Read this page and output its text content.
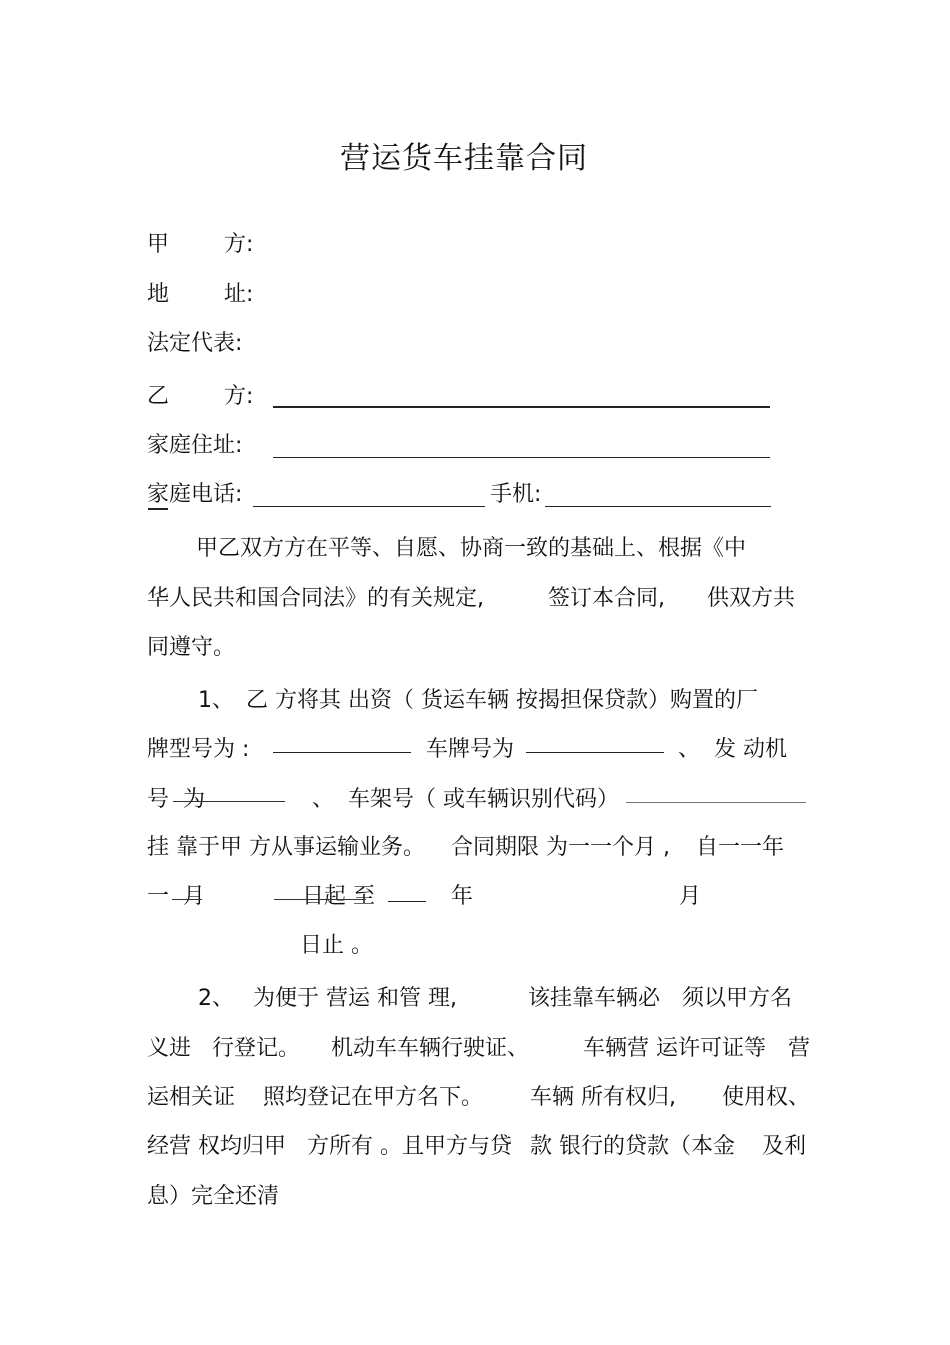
营运货车挂靠合同
甲 方:
地 址:
法定代表:
乙 方:
家庭住址:
家庭电话:	手机:
甲乙双方方在平等、自愿、协商一致的基础上、根据《中
华人民共和国合同法》的有关规定,	签订本合同, 供双方共
同遵守。
1、 乙 方将其 出资（ 货运车辆 按揭担保贷款）购置的厂
牌型号为 :	车牌号为	、 发 动机
号 为	、 车架号（ 或车辆识别代码）
挂 靠于甲 方从事运输业务。 合同期限 为一一个月 , 自一一年
一 月	日起 至	年	月
日止 。
2、 为便于 营运 和管 理,	该挂靠车辆必 须以甲方名
义进 行登记。 机动车车辆行驶证、 车辆营 运许可证等 营
运相关证 照均登记在甲方名下。 车辆 所有权归, 使用权、
经营 权均归甲 方所有 。且甲方与贷 款 银行的贷款（本金 及利
息）完全还清
